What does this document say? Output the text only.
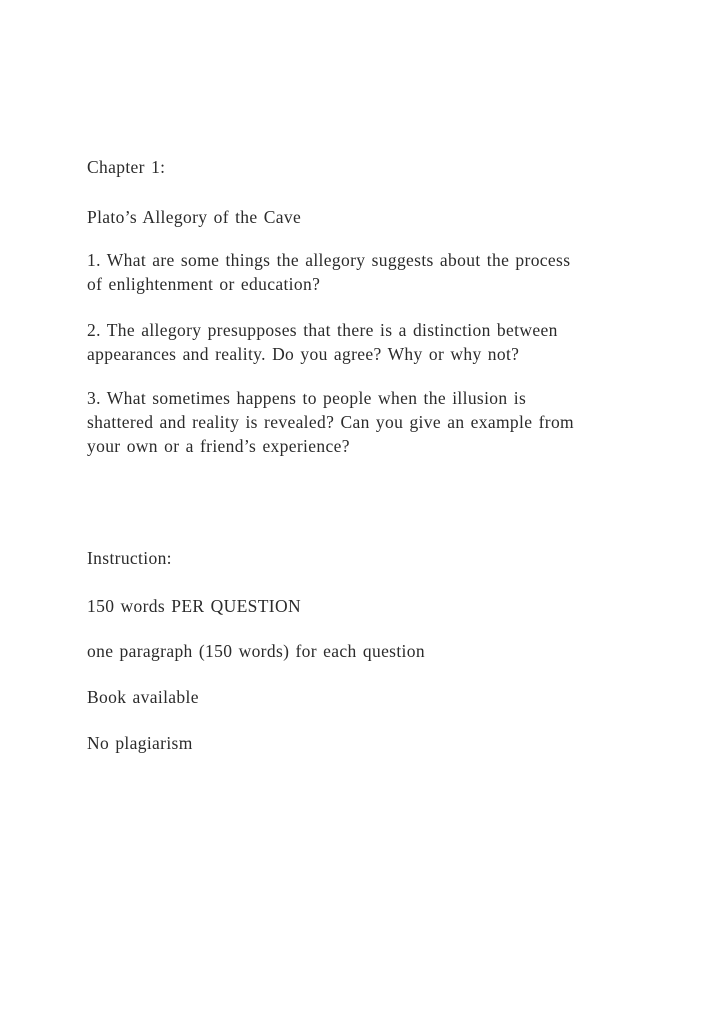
Chapter 1:
Plato’s Allegory of the Cave
1. What are some things the allegory suggests about the process
of enlightenment or education?
2. The allegory presupposes that there is a distinction between
appearances and reality. Do you agree? Why or why not?
3. What sometimes happens to people when the illusion is
shattered and reality is revealed? Can you give an example from
your own or a friend’s experience?
Instruction:
150 words PER QUESTION
one paragraph (150 words) for each question
Book available
No plagiarism
